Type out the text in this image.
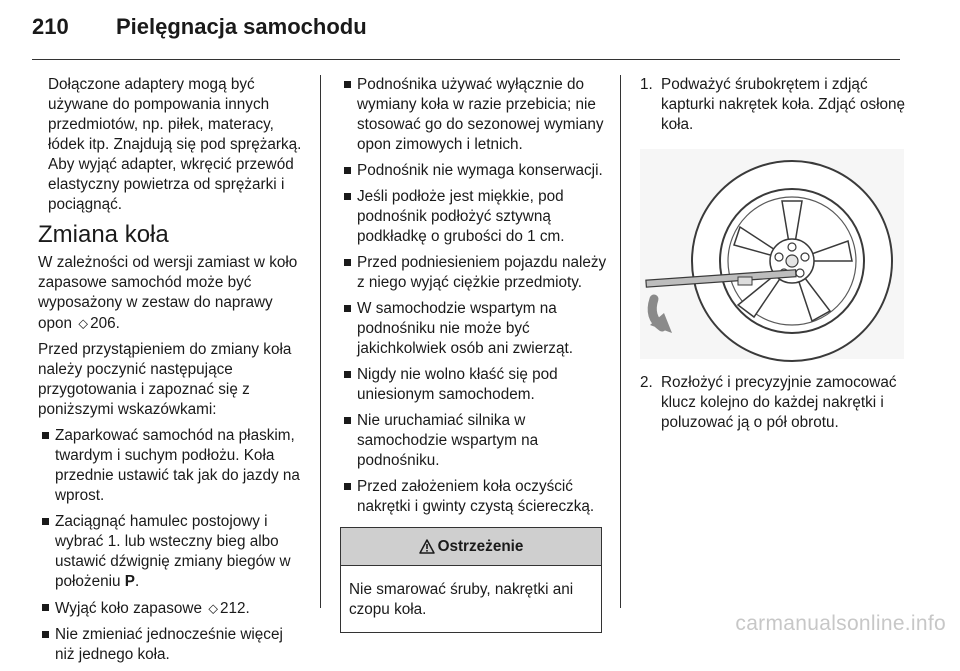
210 Pielęgnacja samochodu

Dołączone adaptery mogą być używane do pompowania innych przedmiotów, np. piłek, materacy, łódek itp. Znajdują się pod sprężarką. Aby wyjąć adapter, wkręcić przewód elastyczny powietrza od sprężarki i pociągnąć.

Zmiana koła

W zależności od wersji zamiast w koło zapasowe samochód może być wyposażony w zestaw do naprawy opon ⬦ 206.

Przed przystąpieniem do zmiany koła należy poczynić następujące przygotowania i zapoznać się z poniższymi wskazówkami:

Zaparkować samochód na płaskim, twardym i suchym podłożu. Koła przednie ustawić tak jak do jazdy na wprost.
Zaciągnąć hamulec postojowy i wybrać 1. lub wsteczny bieg albo ustawić dźwignię zmiany biegów w położeniu P.
Wyjąć koło zapasowe ⬦ 212.
Nie zmieniać jednocześnie więcej niż jednego koła.
Podnośnika używać wyłącznie do wymiany koła w razie przebicia; nie stosować go do sezonowej wymiany opon zimowych i letnich.
Podnośnik nie wymaga konserwacji.
Jeśli podłoże jest miękkie, pod podnośnik podłożyć sztywną podkładkę o grubości do 1 cm.
Przed podniesieniem pojazdu należy z niego wyjąć ciężkie przedmioty.
W samochodzie wspartym na podnośniku nie może być jakichkolwiek osób ani zwierząt.
Nigdy nie wolno kłaść się pod uniesionym samochodem.
Nie uruchamiać silnika w samochodzie wspartym na podnośniku.
Przed założeniem koła oczyścić nakrętki i gwinty czystą ściereczką.
Ostrzeżenie
Nie smarować śruby, nakrętki ani czopu koła.
1. Podważyć śrubokrętem i zdjąć kapturki nakrętek koła. Zdjąć osłonę koła.
2. Rozłożyć i precyzyjnie zamocować klucz kolejno do każdej nakrętki i poluzować ją o pół obrotu.
carmanualsonline.info
